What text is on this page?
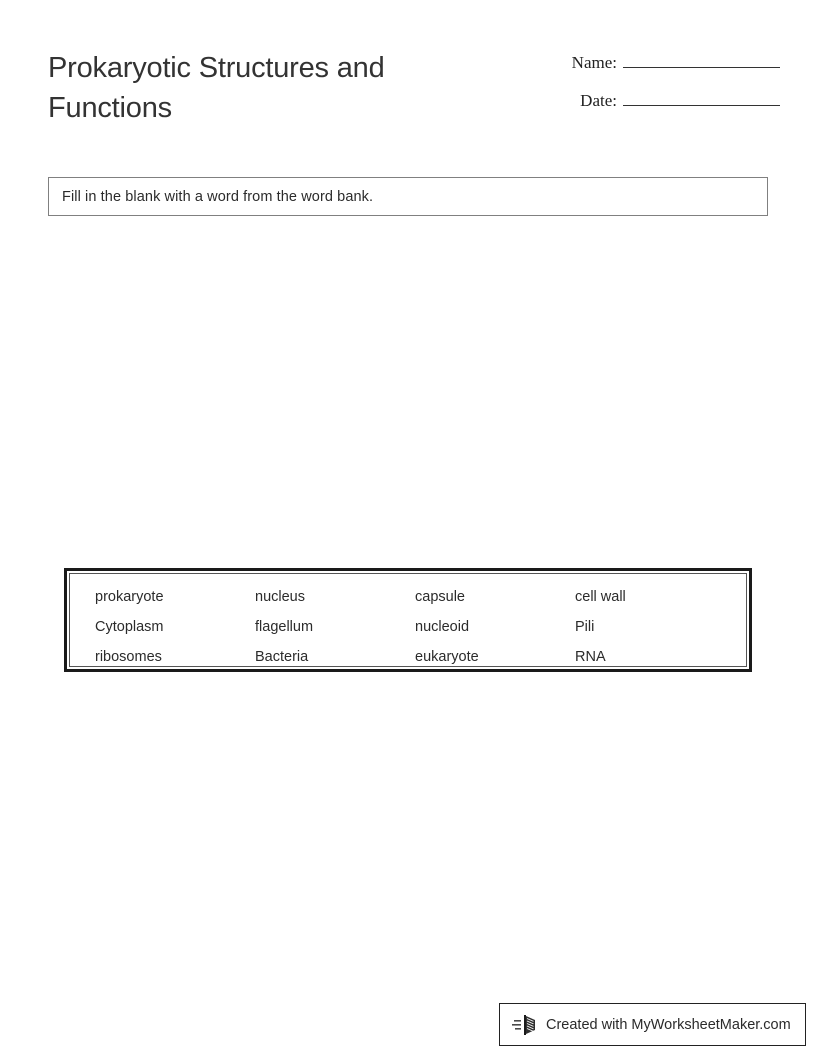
Prokaryotic Structures and Functions
Name:
Date:
Fill in the blank with a word from the word bank.
prokaryote	nucleus	capsule	cell wall
Cytoplasm	flagellum	nucleoid	Pili
ribosomes	Bacteria	eukaryote	RNA
Created with MyWorksheetMaker.com
